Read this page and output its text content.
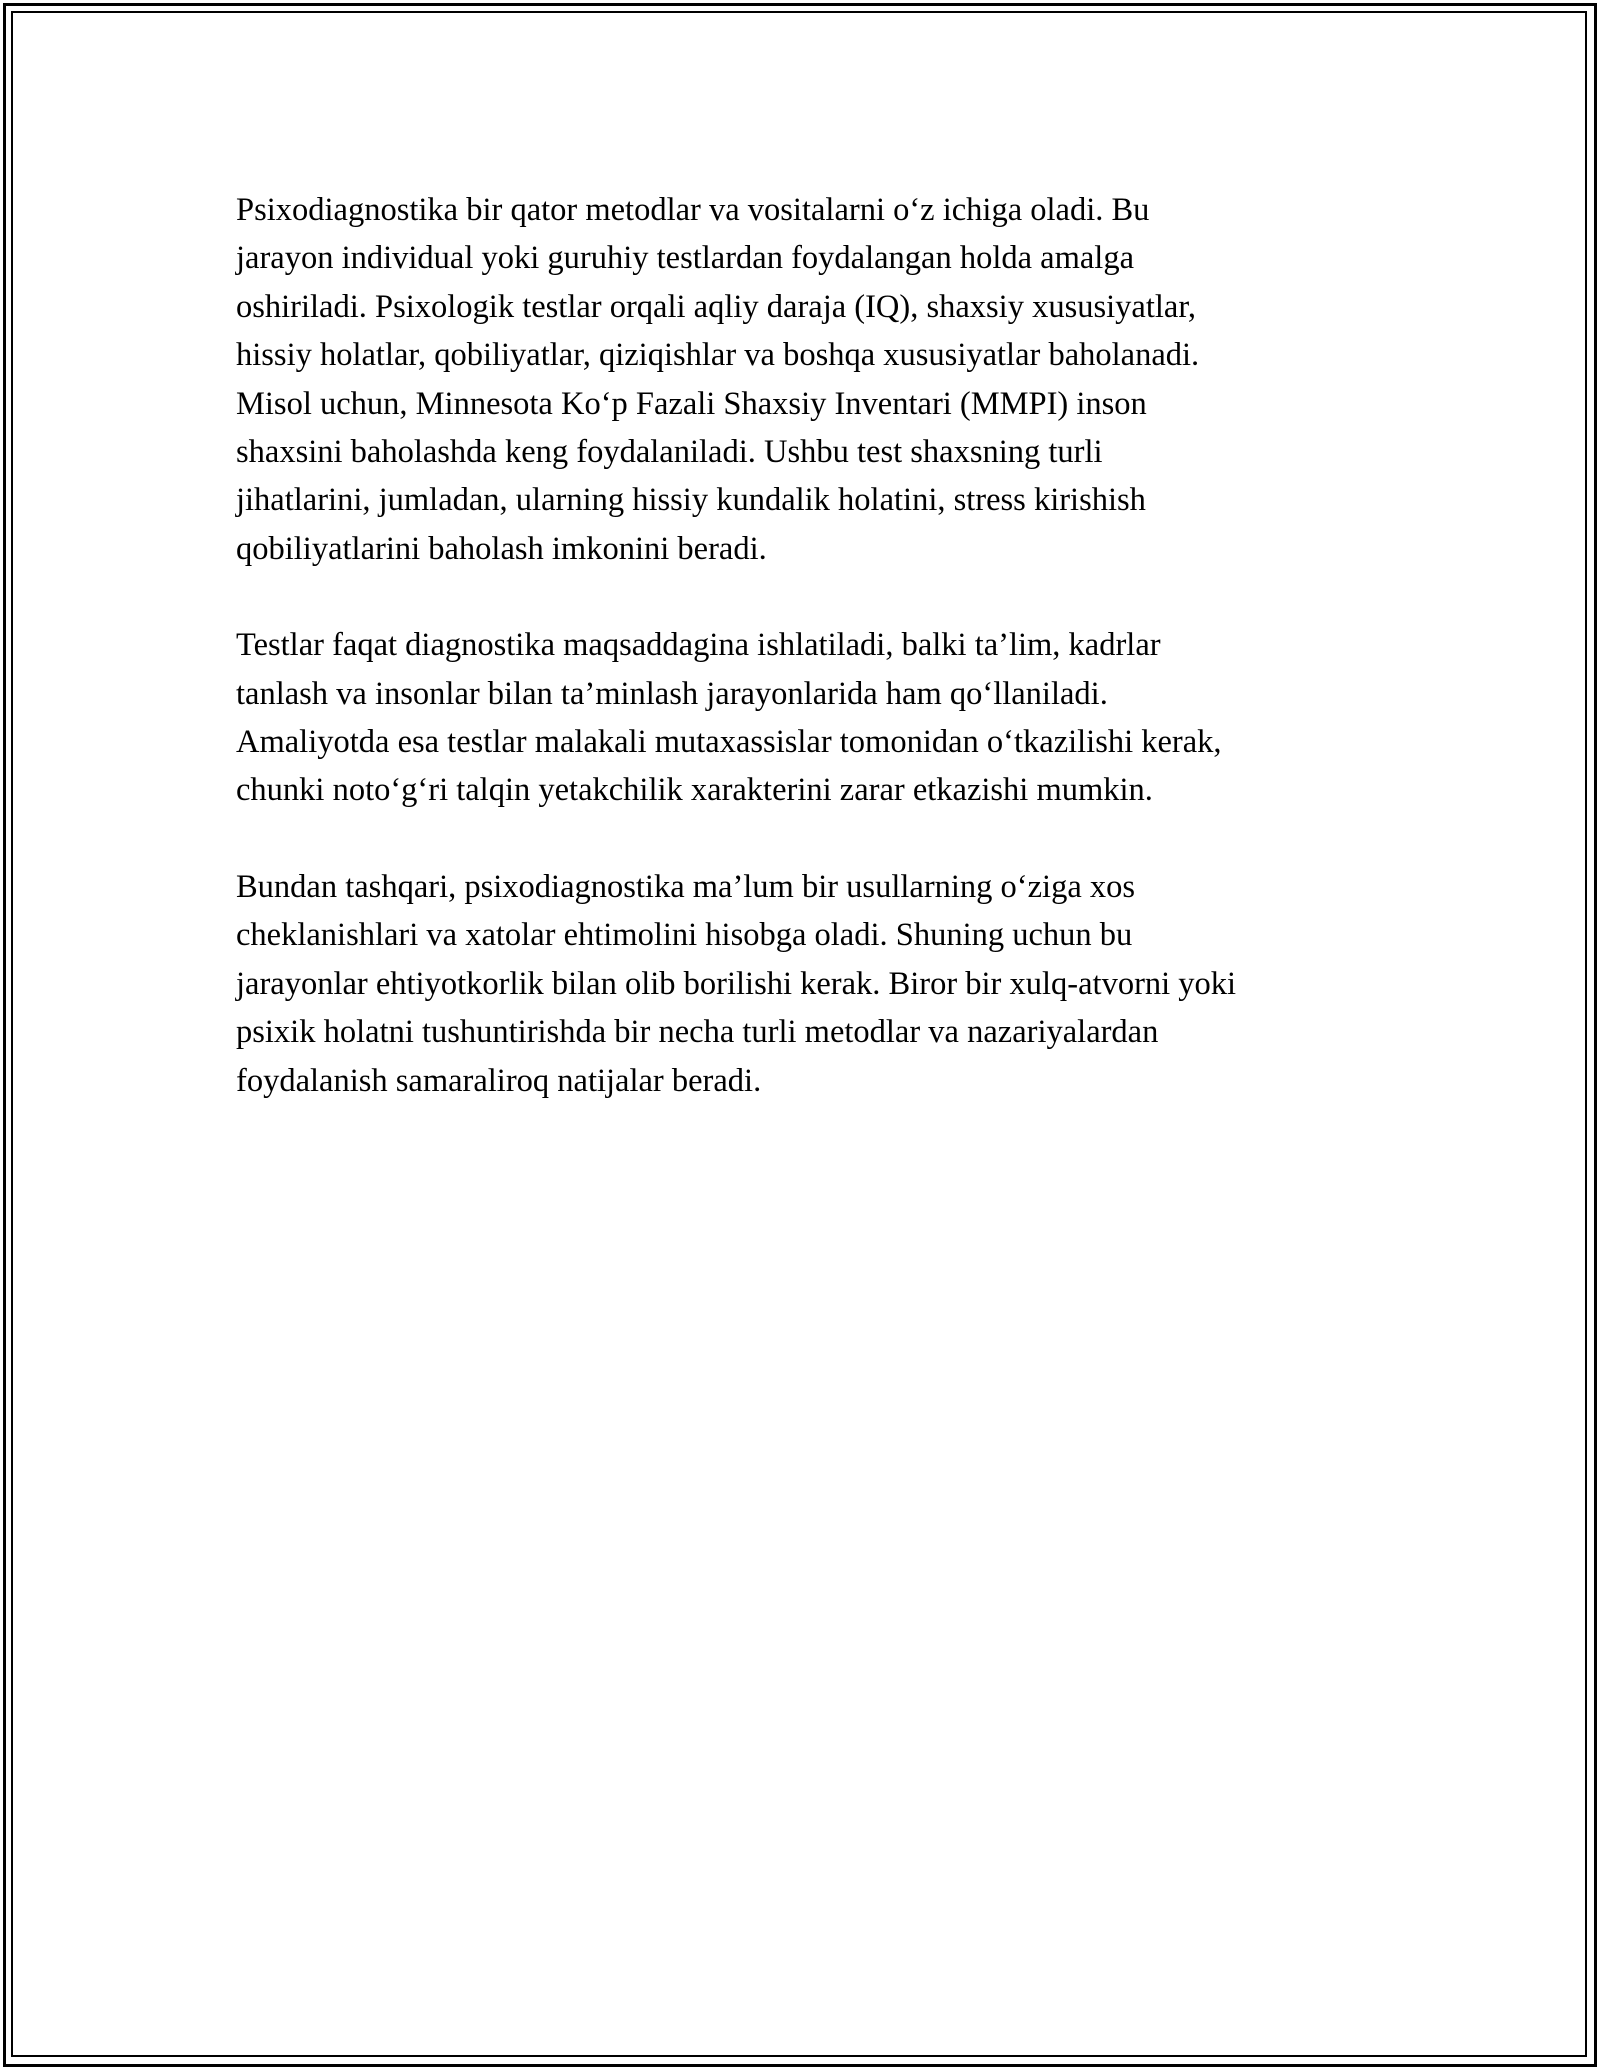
Psixodiagnostika bir qator metodlar va vositalarni o‘z ichiga oladi. Bu
jarayon individual yoki guruhiy testlardan foydalangan holda amalga
oshiriladi. Psixologik testlar orqali aqliy daraja (IQ), shaxsiy xususiyatlar,
hissiy holatlar, qobiliyatlar, qiziqishlar va boshqa xususiyatlar baholanadi.
Misol uchun, Minnesota Ko‘p Fazali Shaxsiy Inventari (MMPI) inson
shaxsini baholashda keng foydalaniladi. Ushbu test shaxsning turli
jihatlarini, jumladan, ularning hissiy kundalik holatini, stress kirishish
qobiliyatlarini baholash imkonini beradi.

Testlar faqat diagnostika maqsaddagina ishlatiladi, balki ta’lim, kadrlar
tanlash va insonlar bilan ta’minlash jarayonlarida ham qo‘llaniladi.
Amaliyotda esa testlar malakali mutaxassislar tomonidan o‘tkazilishi kerak,
chunki noto‘g‘ri talqin yetakchilik xarakterini zarar etkazishi mumkin.

Bundan tashqari, psixodiagnostika ma’lum bir usullarning o‘ziga xos
cheklanishlari va xatolar ehtimolini hisobga oladi. Shuning uchun bu
jarayonlar ehtiyotkorlik bilan olib borilishi kerak. Biror bir xulq-atvorni yoki
psixik holatni tushuntirishda bir necha turli metodlar va nazariyalardan
foydalanish samaraliroq natijalar beradi.
